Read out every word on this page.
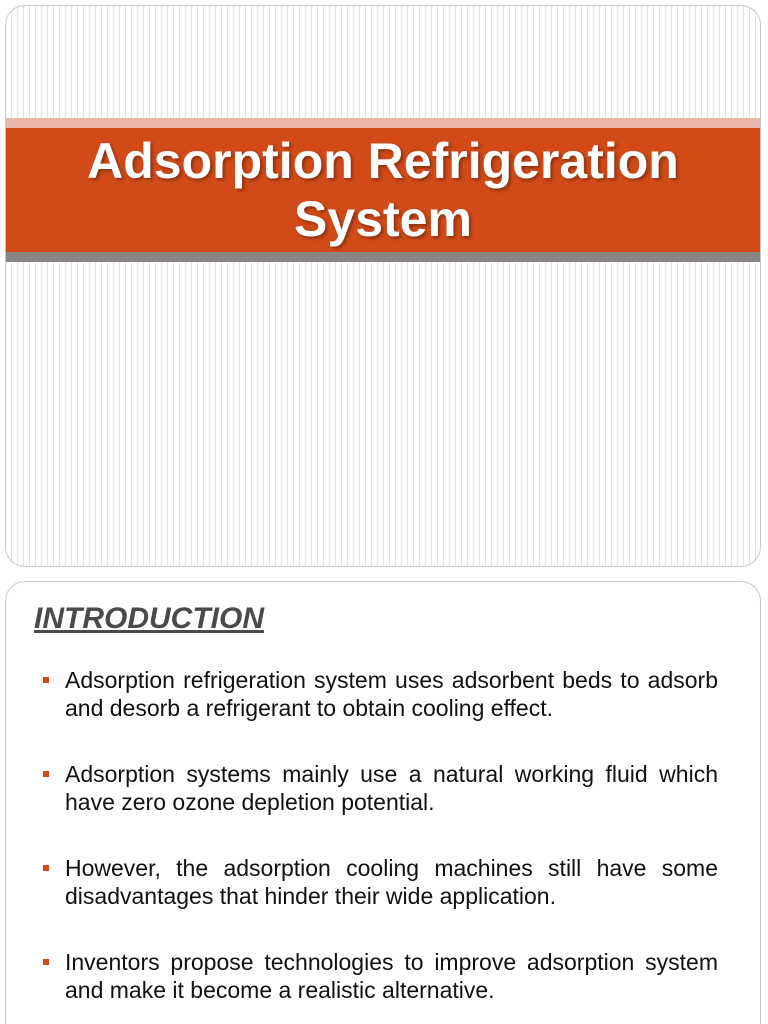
Adsorption Refrigeration
System
INTRODUCTION
Adsorption refrigeration system uses adsorbent beds to adsorb and desorb a refrigerant to obtain cooling effect.
Adsorption systems mainly use a natural working fluid which have zero ozone depletion potential.
However, the adsorption cooling machines still have some disadvantages that hinder their wide application.
Inventors propose technologies to improve adsorption system and make it become a realistic alternative.
